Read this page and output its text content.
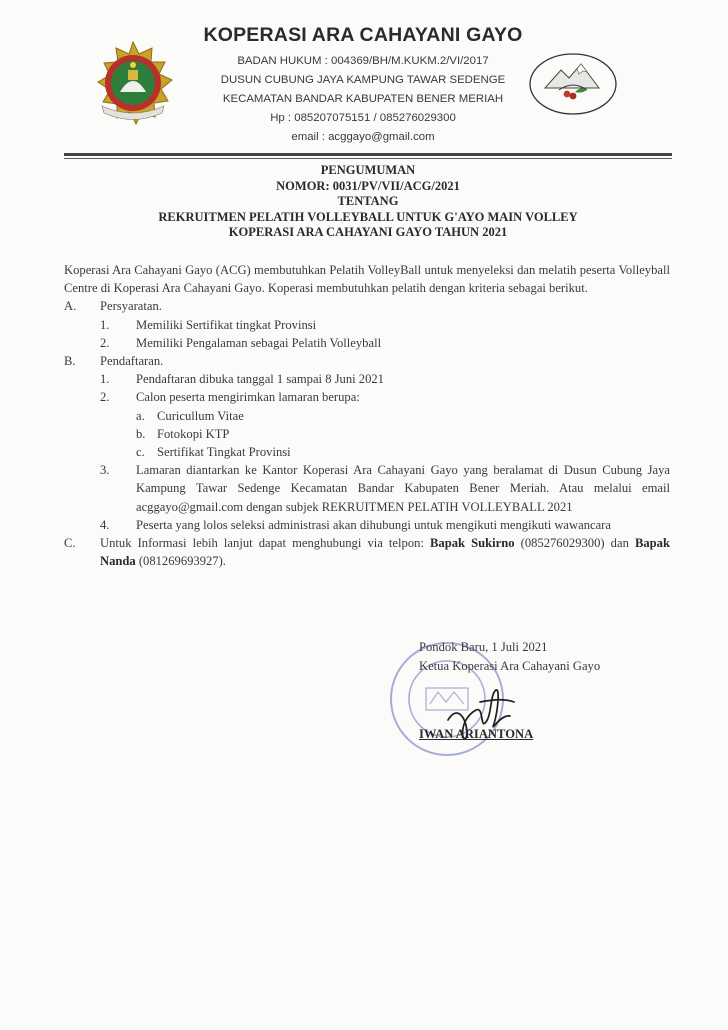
KOPERASI ARA CAHAYANI GAYO
BADAN HUKUM : 004369/BH/M.KUKM.2/VI/2017
DUSUN CUBUNG JAYA KAMPUNG TAWAR SEDENGE
KECAMATAN BANDAR KABUPATEN BENER MERIAH
Hp : 085207075151 / 085276029300
email : acggayo@gmail.com
PENGUMUMAN
NOMOR: 0031/PV/VII/ACG/2021
TENTANG
REKRUITMEN PELATIH VOLLEYBALL UNTUK G'AYO MAIN VOLLEY
KOPERASI ARA CAHAYANI GAYO TAHUN 2021

Koperasi Ara Cahayani Gayo (ACG) membutuhkan Pelatih VolleyBall untuk menyeleksi dan melatih peserta Volleyball Centre di Koperasi Ara Cahayani Gayo. Koperasi membutuhkan pelatih dengan kriteria sebagai berikut.

A.	Persyaratan.
1.	Memiliki Sertifikat tingkat Provinsi
2.	Memiliki Pengalaman sebagai Pelatih Volleyball
B.	Pendaftaran.
1.	Pendaftaran dibuka tanggal 1 sampai 8 Juni 2021
2.	Calon peserta mengirimkan lamaran berupa:
a. Curicullum Vitae
b. Fotokopi KTP
c. Sertifikat Tingkat Provinsi
3.	Lamaran diantarkan ke Kantor Koperasi Ara Cahayani Gayo yang beralamat di Dusun Cubung Jaya Kampung Tawar Sedenge Kecamatan Bandar Kabupaten Bener Meriah. Atau melalui email acggayo@gmail.com dengan subjek REKRUITMEN PELATIH VOLLEYBALL 2021
4.	Peserta yang lolos seleksi administrasi akan dihubungi untuk mengikuti mengikuti wawancara
C.	Untuk Informasi lebih lanjut dapat menghubungi via telpon: Bapak Sukirno (085276029300) dan Bapak Nanda (081269693927).
Pondok Baru, 1 Juli 2021
Ketua Koperasi Ara Cahayani Gayo
IWAN ARIANTONA
